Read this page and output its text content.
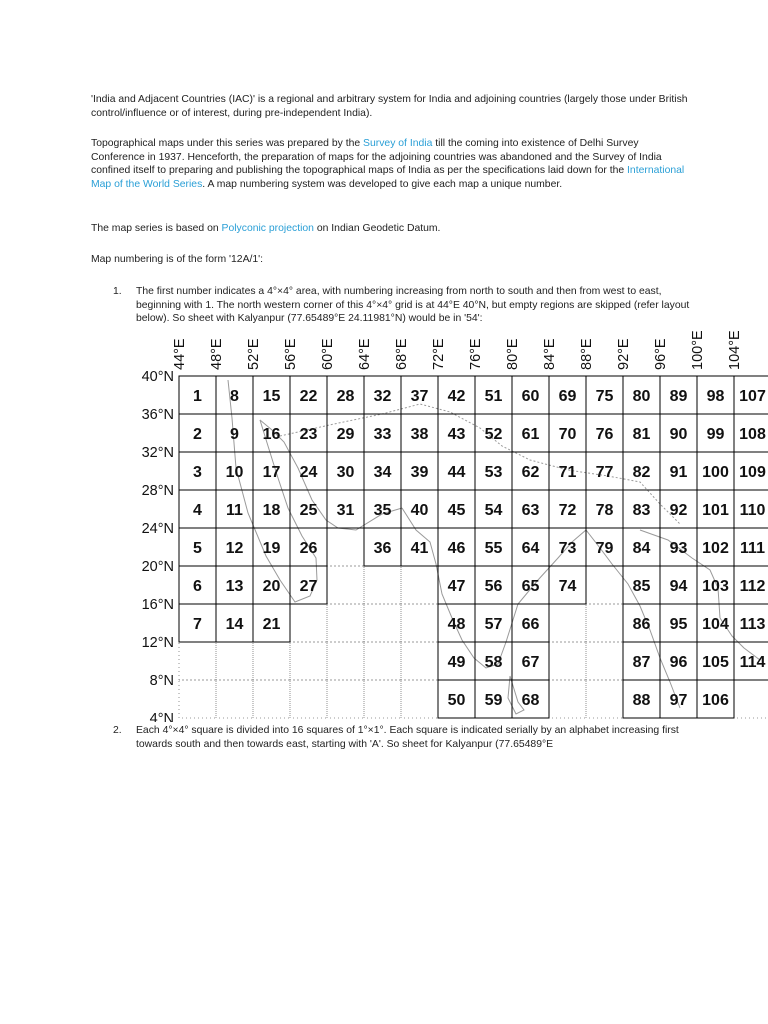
'India and Adjacent Countries (IAC)' is a regional and arbitrary system for India and adjoining countries (largely those under British control/influence or of interest, during pre-independent India).

Topographical maps under this series was prepared by the Survey of India till the coming into existence of Delhi Survey Conference in 1937. Henceforth, the preparation of maps for the adjoining countries was abandoned and the Survey of India confined itself to preparing and publishing the topographical maps of India as per the specifications laid down for the International Map of the World Series. A map numbering system was developed to give each map a unique number.

The map series is based on Polyconic projection on Indian Geodetic Datum.

Map numbering is of the form '12A/1':

1. The first number indicates a 4°×4° area, with numbering increasing from north to south and then from west to east, beginning with 1. The north western corner of this 4°×4° grid is at 44°E 40°N, but empty regions are skipped (refer layout below). So sheet with Kalyanpur (77.65489°E 24.11981°N) would be in '54':
44°E 48°E 52°E 56°E 60°E 64°E 68°E 72°E 76°E 80°E 84°E 88°E 92°E 96°E 100°E 104°E
40°N
36°N
32°N
28°N
24°N
20°N
16°N
12°N
8°N
4°N
1
2
3
4
5
6
7
8
9
10
11
12
13
14
15
16
17
18
19
20
21
22
23
24
25
26
27
28
29
30
31
32
33
34
35
36
37
38
39
40
41
42
43
44
45
46
47
48
49
50
51
52
53
54
55
56
57
58
59
60
61
62
63
64
65
66
67
68
69
70
71
72
73
74
75
76
77
78
79
80
81
82
83
84
85
86
87
88
89
90
91
92
93
94
95
96
97
98
99
100
101
102
103
104
105
106
107
108
109
110
111
112
113
114
2. Each 4°×4° square is divided into 16 squares of 1°×1°. Each square is indicated serially by an alphabet increasing first towards south and then towards east, starting with 'A'. So sheet for Kalyanpur (77.65489°E
